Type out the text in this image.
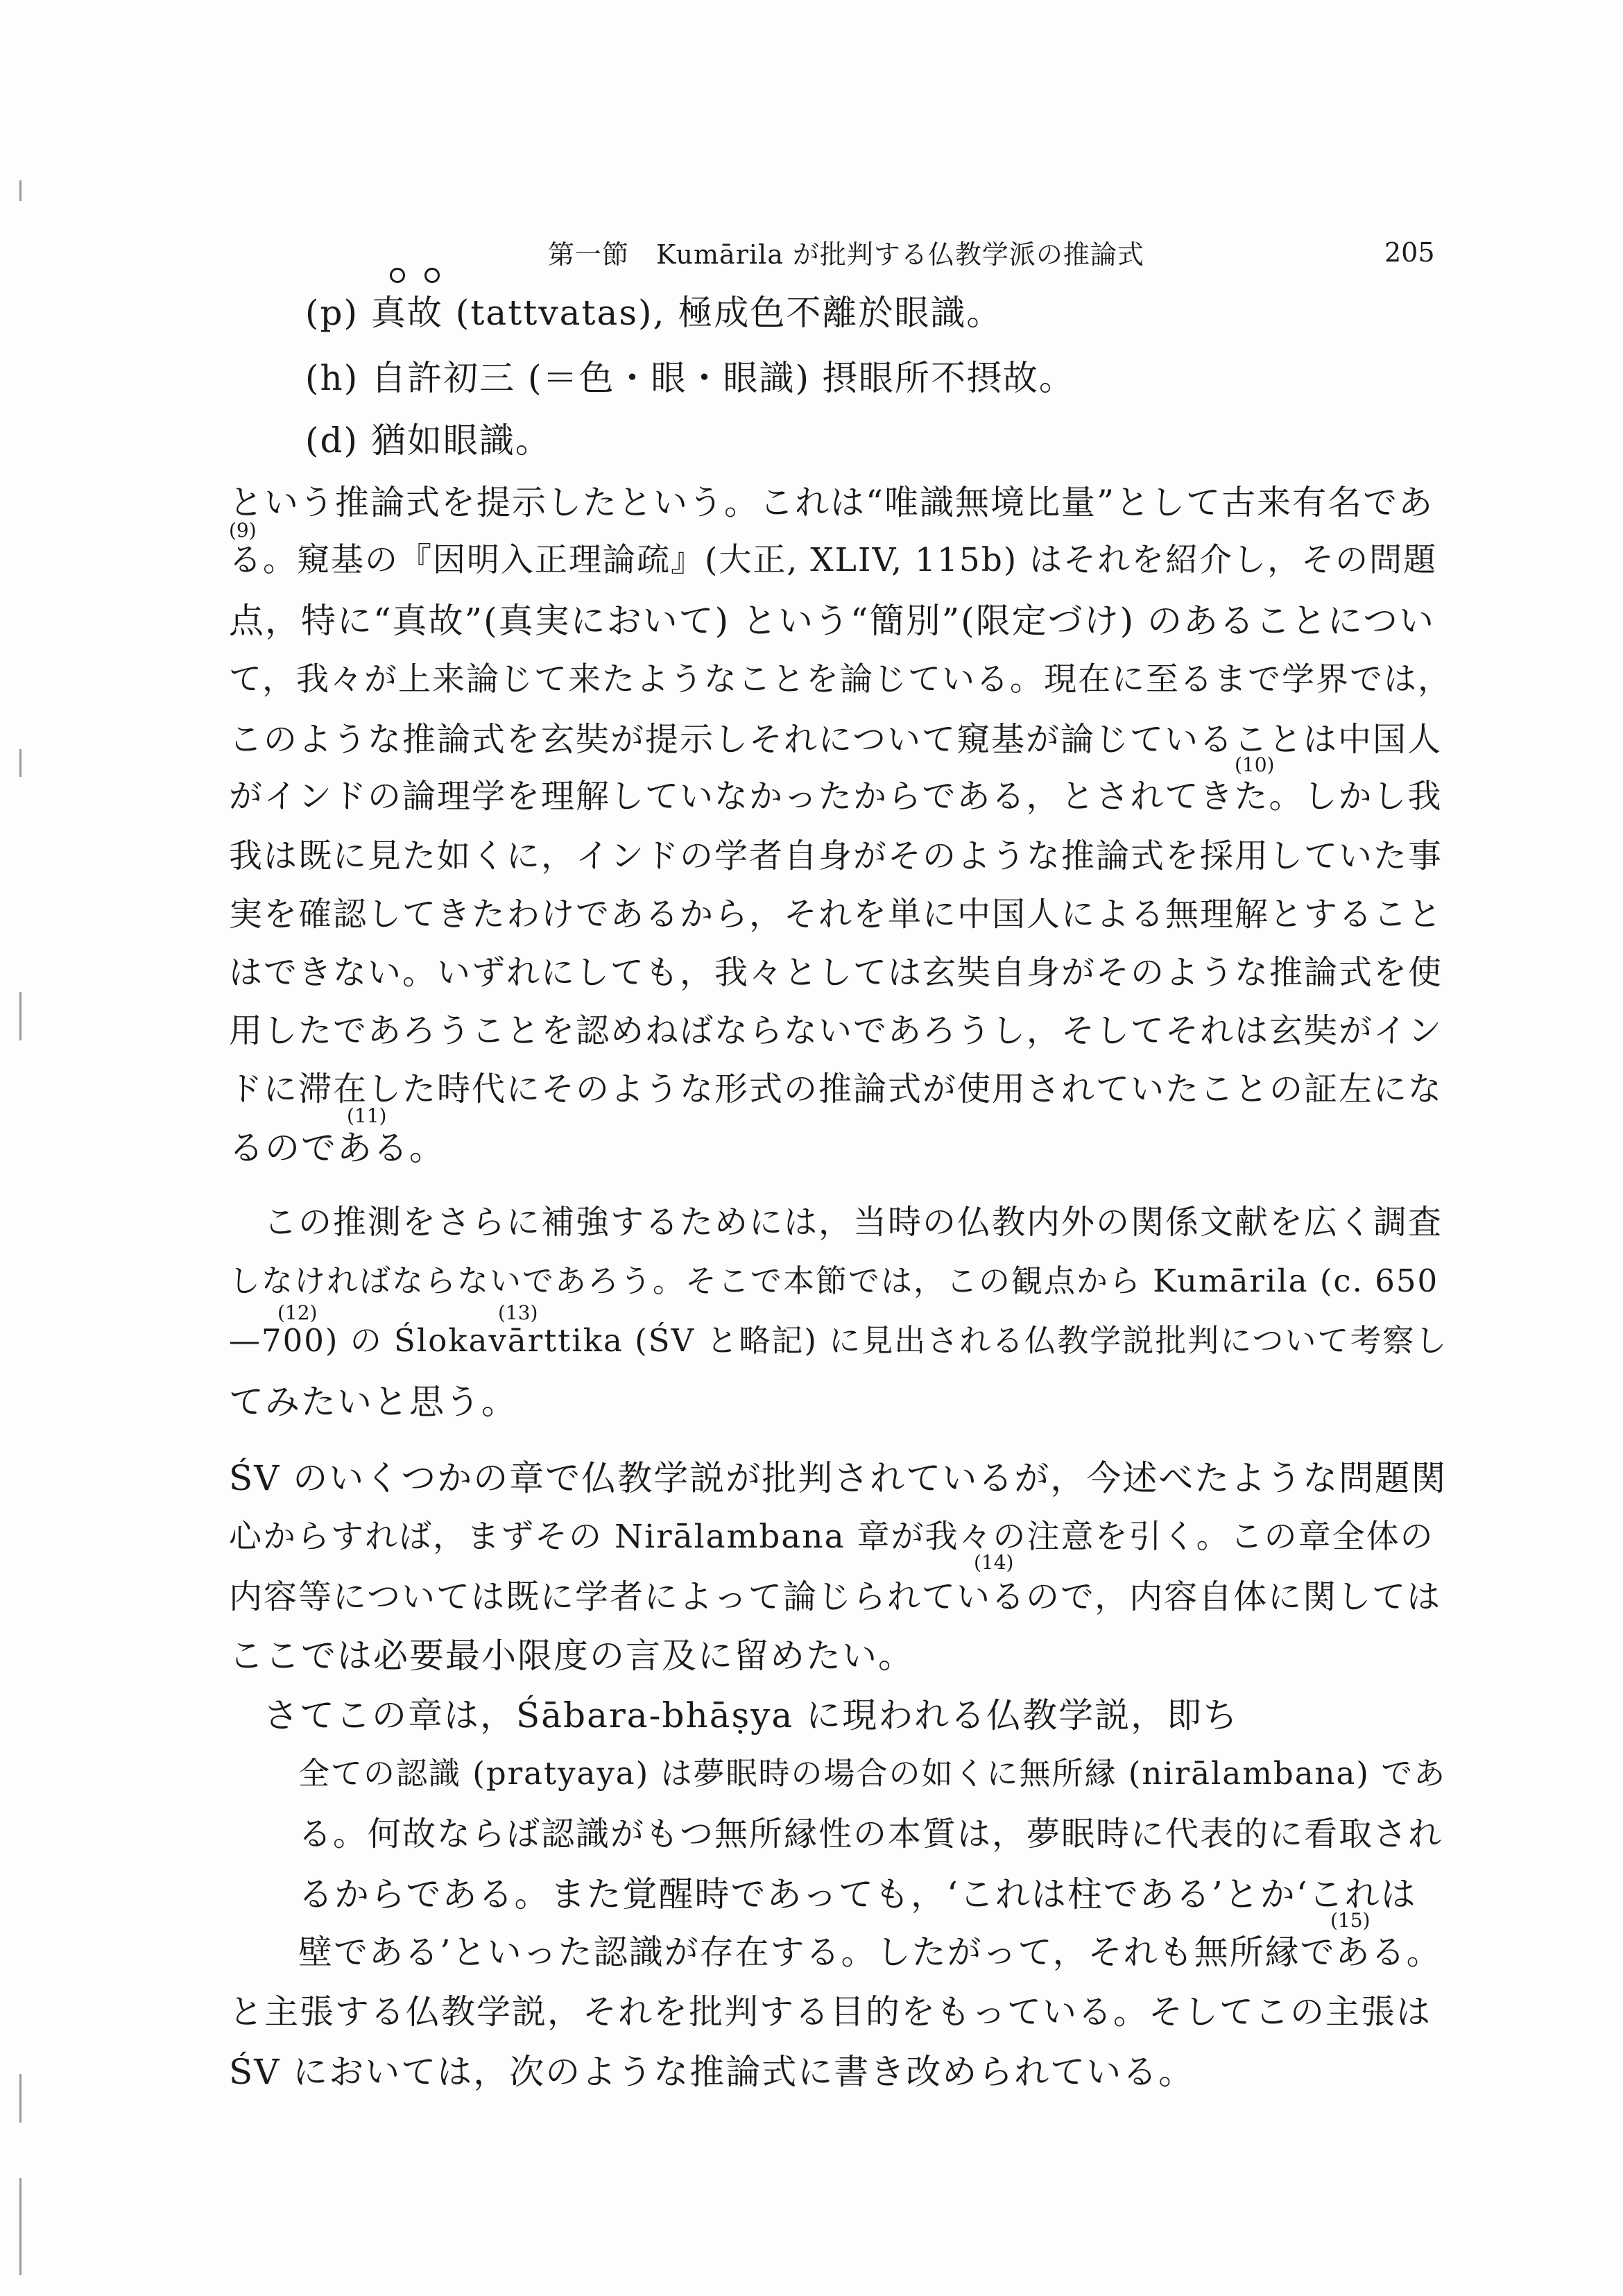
第一節　Kumārila が批判する仏教学派の推論式	205
(p) 真故 (tattvatas), 極成色不離於眼識。
(h) 自許初三 (＝色・眼・眼識) 摂眼所不摂故。
(d) 猶如眼識。
という推論式を提示したという。これは“唯識無境比量”として古来有名であ
(9)
る。窺基の『因明入正理論疏』(大正, XLIV, 115b) はそれを紹介し，その問題
点，特に“真故”(真実において) という“簡別”(限定づけ) のあることについ
て，我々が上来論じて来たようなことを論じている。現在に至るまで学界では，
このような推論式を玄奘が提示しそれについて窺基が論じていることは中国人
(10)
がインドの論理学を理解していなかったからである，とされてきた。しかし我
我は既に見た如くに，インドの学者自身がそのような推論式を採用していた事
実を確認してきたわけであるから，それを単に中国人による無理解とすること
はできない。いずれにしても，我々としては玄奘自身がそのような推論式を使
用したであろうことを認めねばならないであろうし，そしてそれは玄奘がイン
ドに滞在した時代にそのような形式の推論式が使用されていたことの証左にな
(11)
るのである。
この推測をさらに補強するためには，当時の仏教内外の関係文献を広く調査
しなければならないであろう。そこで本節では，この観点から Kumārila (c. 650
(12)	(13)
—700) の Ślokavārttika (ŚV と略記) に見出される仏教学説批判について考察し
てみたいと思う。
ŚV のいくつかの章で仏教学説が批判されているが，今述べたような問題関
心からすれば，まずその Nirālambana 章が我々の注意を引く。この章全体の
(14)
内容等については既に学者によって論じられているので，内容自体に関しては
ここでは必要最小限度の言及に留めたい。
さてこの章は，Śābara-bhāṣya に現われる仏教学説，即ち
全ての認識 (pratyaya) は夢眠時の場合の如くに無所縁 (nirālambana) であ
る。何故ならば認識がもつ無所縁性の本質は，夢眠時に代表的に看取され
るからである。また覚醒時であっても，‘これは柱である’とか‘これは
(15)
壁である’といった認識が存在する。したがって，それも無所縁である。
と主張する仏教学説，それを批判する目的をもっている。そしてこの主張は
ŚV においては，次のような推論式に書き改められている。
